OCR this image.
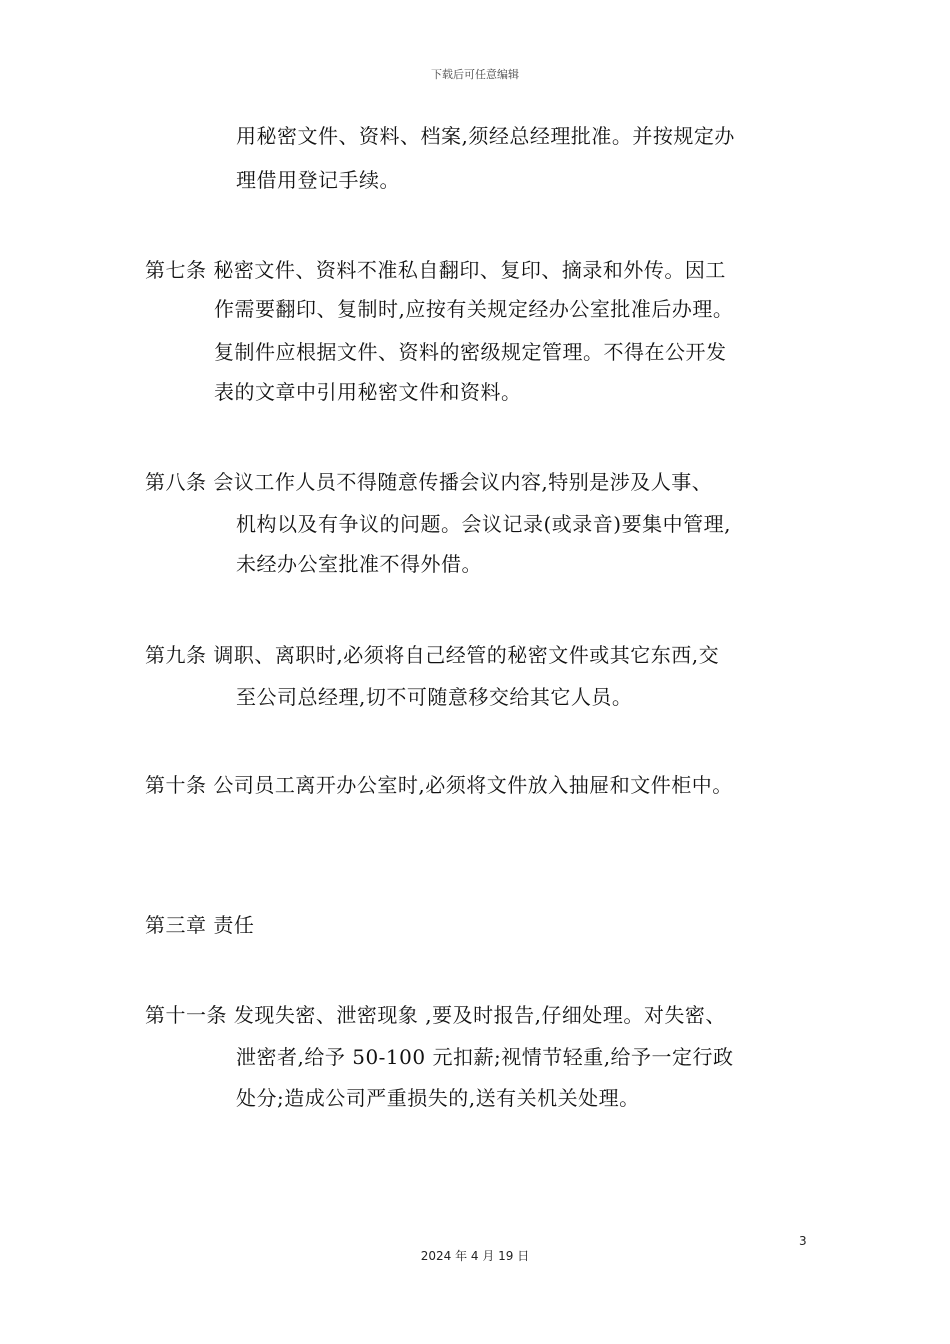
下载后可任意编辑
用秘密文件、资料、档案,须经总经理批准。并按规定办
理借用登记手续。
第七条 秘密文件、资料不准私自翻印、复印、摘录和外传。因工
作需要翻印、复制时,应按有关规定经办公室批准后办理。
复制件应根据文件、资料的密级规定管理。不得在公开发
表的文章中引用秘密文件和资料。
第八条 会议工作人员不得随意传播会议内容,特别是涉及人事、
机构以及有争议的问题。会议记录(或录音)要集中管理,
未经办公室批准不得外借。
第九条 调职、离职时,必须将自己经管的秘密文件或其它东西,交
至公司总经理,切不可随意移交给其它人员。
第十条 公司员工离开办公室时,必须将文件放入抽屉和文件柜中。
第三章 责任
第十一条 发现失密、泄密现象 ,要及时报告,仔细处理。对失密、
泄密者,给予 50-100 元扣薪;视情节轻重,给予一定行政
处分;造成公司严重损失的,送有关机关处理。
3
2024 年 4 月 19 日
